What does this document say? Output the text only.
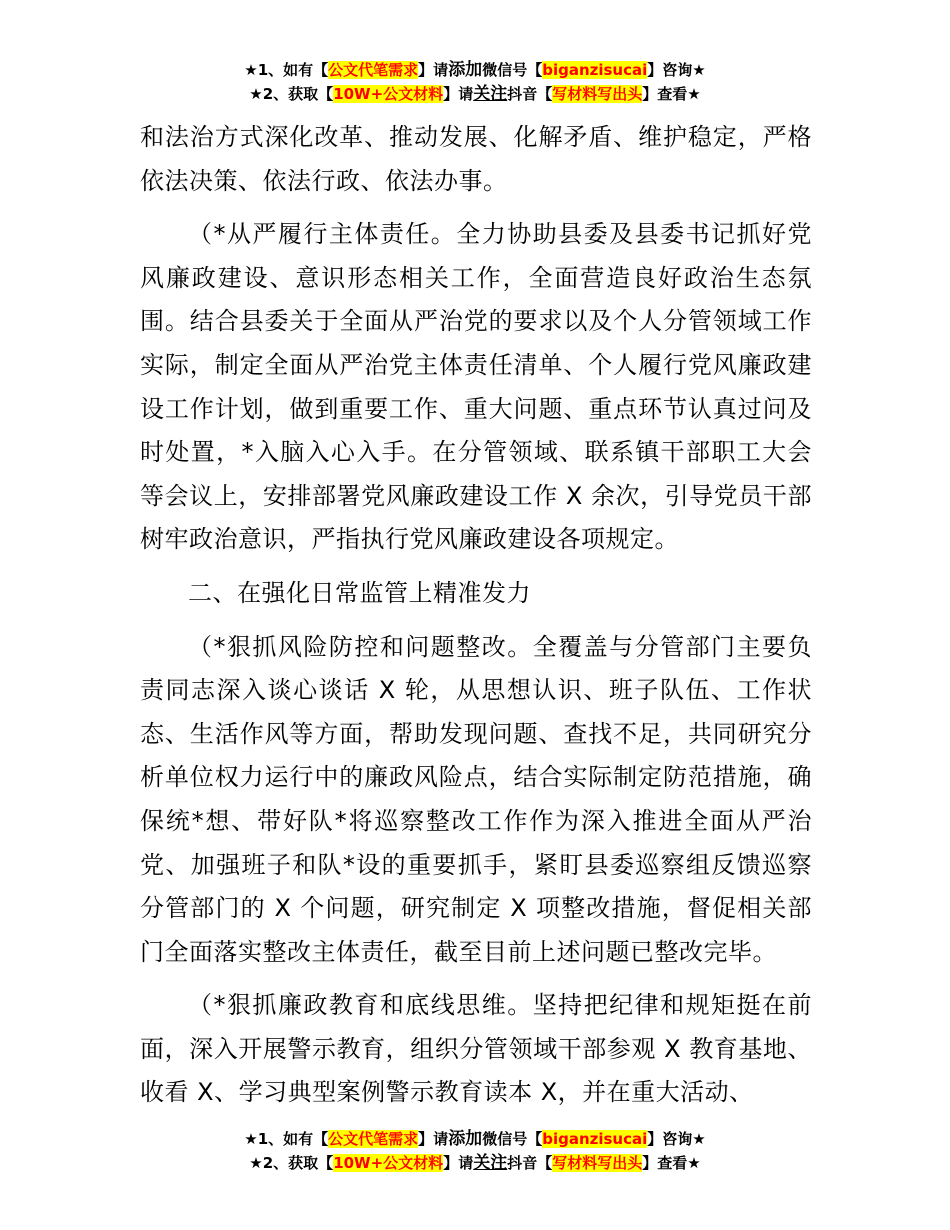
★1、如有【公文代笔需求】请添加微信号【biganzisucai】咨询★
★2、获取【10W+公文材料】请关注抖音【写材料写出头】查看★

和法治方式深化改革、推动发展、化解矛盾、维护稳定，严格依法决策、依法行政、依法办事。

（*从严履行主体责任。全力协助县委及县委书记抓好党风廉政建设、意识形态相关工作，全面营造良好政治生态氛围。结合县委关于全面从严治党的要求以及个人分管领域工作实际，制定全面从严治党主体责任清单、个人履行党风廉政建设工作计划，做到重要工作、重大问题、重点环节认真过问及时处置，*入脑入心入手。在分管领域、联系镇干部职工大会等会议上，安排部署党风廉政建设工作 X 余次，引导党员干部树牢政治意识，严指执行党风廉政建设各项规定。

二、在强化日常监管上精准发力

（*狠抓风险防控和问题整改。全覆盖与分管部门主要负责同志深入谈心谈话 X 轮，从思想认识、班子队伍、工作状态、生活作风等方面，帮助发现问题、查找不足，共同研究分析单位权力运行中的廉政风险点，结合实际制定防范措施，确保统*想、带好队*将巡察整改工作作为深入推进全面从严治党、加强班子和队*设的重要抓手，紧盯县委巡察组反馈巡察分管部门的 X 个问题，研究制定 X 项整改措施，督促相关部门全面落实整改主体责任，截至目前上述问题已整改完毕。

（*狠抓廉政教育和底线思维。坚持把纪律和规矩挺在前面，深入开展警示教育，组织分管领域干部参观 X 教育基地、收看 X、学习典型案例警示教育读本 X，并在重大活动、

★1、如有【公文代笔需求】请添加微信号【biganzisucai】咨询★
★2、获取【10W+公文材料】请关注抖音【写材料写出头】查看★
